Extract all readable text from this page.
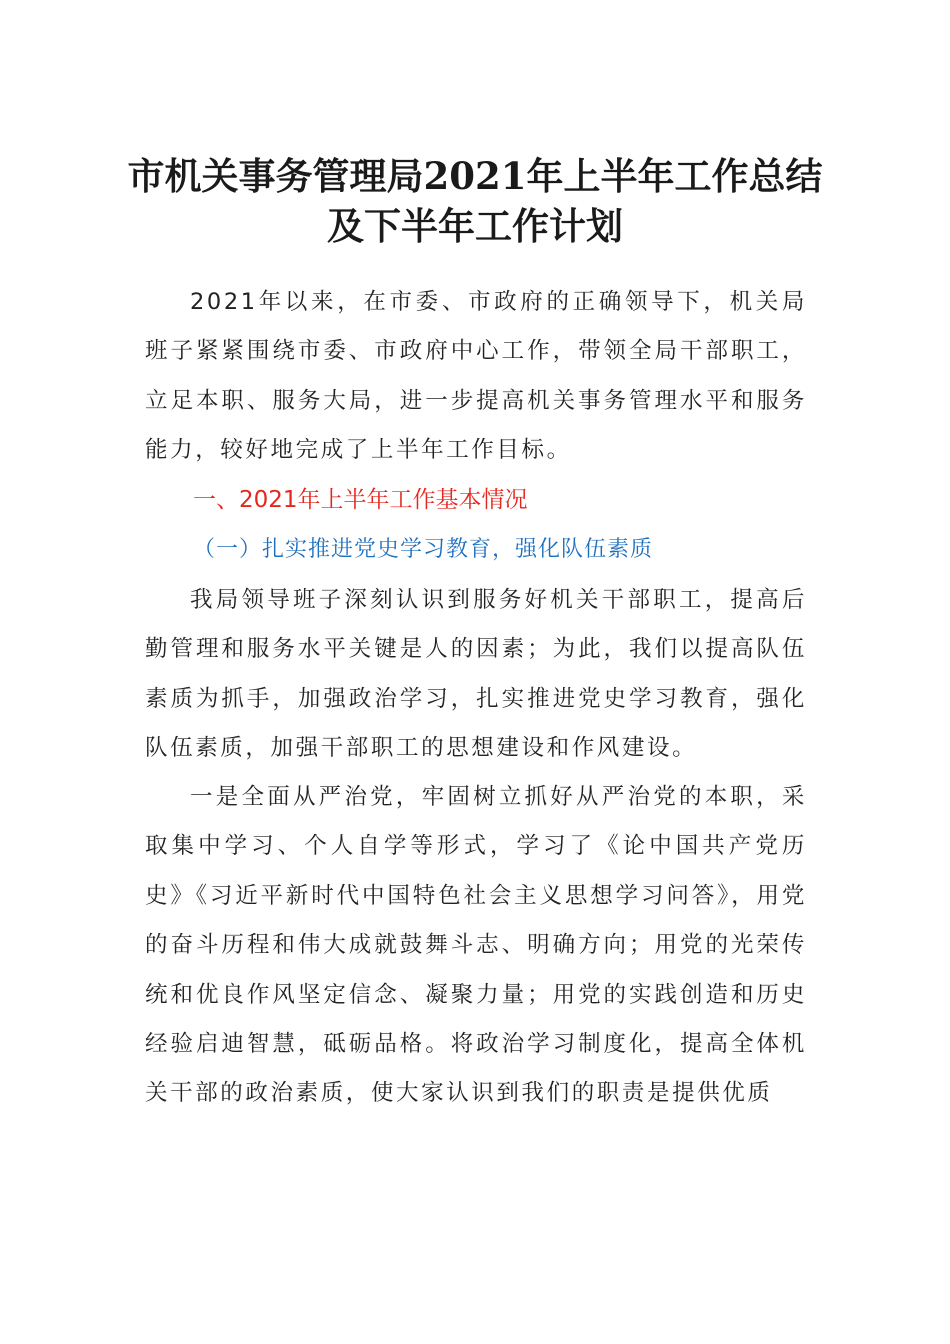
市机关事务管理局2021年上半年工作总结
及下半年工作计划

2021年以来，在市委、市政府的正确领导下，机关局班子紧紧围绕市委、市政府中心工作，带领全局干部职工，立足本职、服务大局，进一步提高机关事务管理水平和服务能力，较好地完成了上半年工作目标。

一、2021年上半年工作基本情况
（一）扎实推进党史学习教育，强化队伍素质

我局领导班子深刻认识到服务好机关干部职工，提高后勤管理和服务水平关键是人的因素；为此，我们以提高队伍素质为抓手，加强政治学习，扎实推进党史学习教育，强化队伍素质，加强干部职工的思想建设和作风建设。

一是全面从严治党，牢固树立抓好从严治党的本职，采取集中学习、个人自学等形式，学习了《论中国共产党历史》《习近平新时代中国特色社会主义思想学习问答》，用党的奋斗历程和伟大成就鼓舞斗志、明确方向；用党的光荣传统和优良作风坚定信念、凝聚力量；用党的实践创造和历史经验启迪智慧，砥砺品格。将政治学习制度化，提高全体机关干部的政治素质，使大家认识到我们的职责是提供优质
